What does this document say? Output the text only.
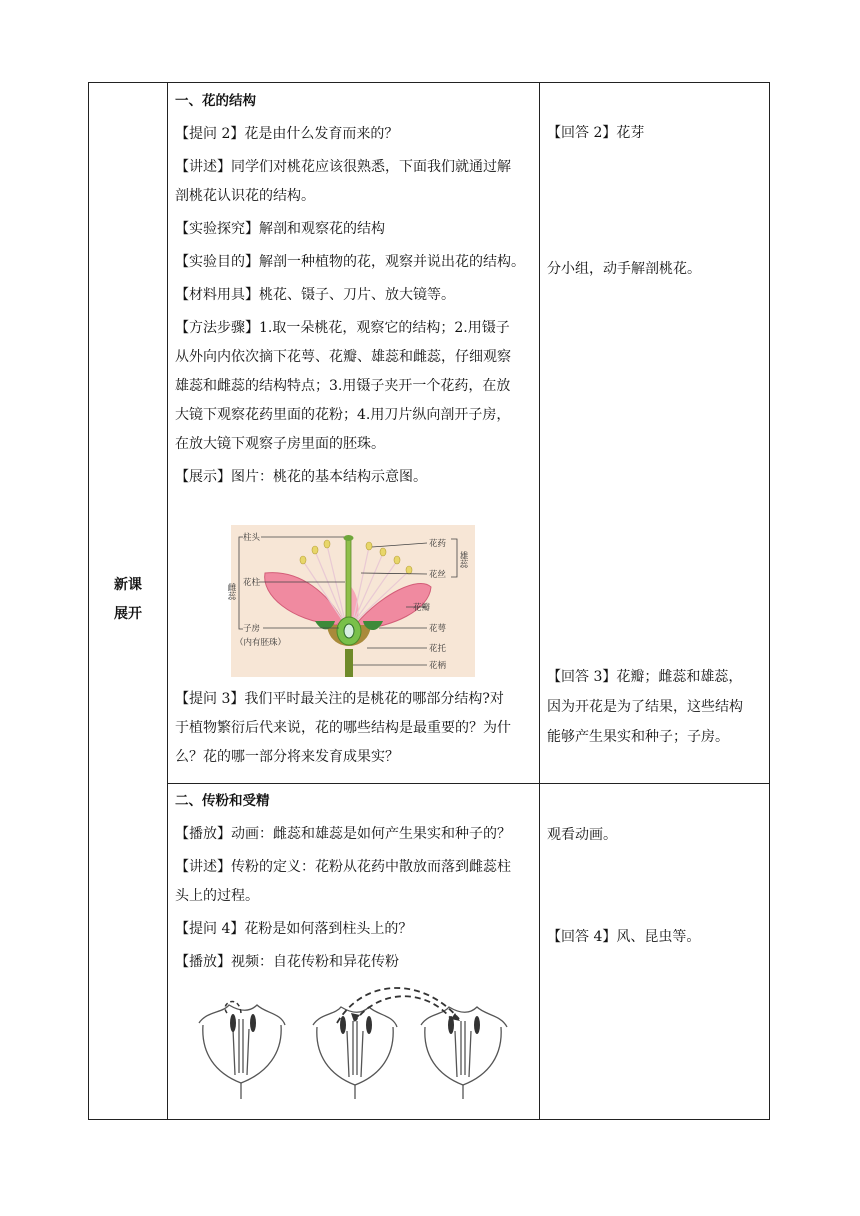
新课
展开

一、花的结构

【提问 2】花是由什么发育而来的？

【讲述】同学们对桃花应该很熟悉，下面我们就通过解

剖桃花认识花的结构。

【实验探究】解剖和观察花的结构

【实验目的】解剖一种植物的花，观察并说出花的结构。

【材料用具】桃花、镊子、刀片、放大镜等。

【方法步骤】1.取一朵桃花，观察它的结构；2.用镊子

从外向内依次摘下花萼、花瓣、雄蕊和雌蕊，仔细观察

雄蕊和雌蕊的结构特点；3.用镊子夹开一个花药，在放

大镜下观察花药里面的花粉；4.用刀片纵向剖开子房，

在放大镜下观察子房里面的胚珠。

【展示】图片：桃花的基本结构示意图。

柱头
花药
花丝
花柱
花瓣
子房
（内有胚珠）
花萼
花托
花柄
雌蕊
雄蕊

【提问 3】我们平时最关注的是桃花的哪部分结构?对

于植物繁衍后代来说，花的哪些结构是最重要的？为什

么？花的哪一部分将来发育成果实？

【回答 2】花芽
分小组，动手解剖桃花。

【回答 3】花瓣；雌蕊和雄蕊，

因为开花是为了结果，这些结构

能够产生果实和种子；子房。

二、传粉和受精

【播放】动画：雌蕊和雄蕊是如何产生果实和种子的？

【讲述】传粉的定义：花粉从花药中散放而落到雌蕊柱

头上的过程。

【提问 4】花粉是如何落到柱头上的？

【播放】视频：自花传粉和异花传粉

观看动画。
【回答 4】风、昆虫等。
